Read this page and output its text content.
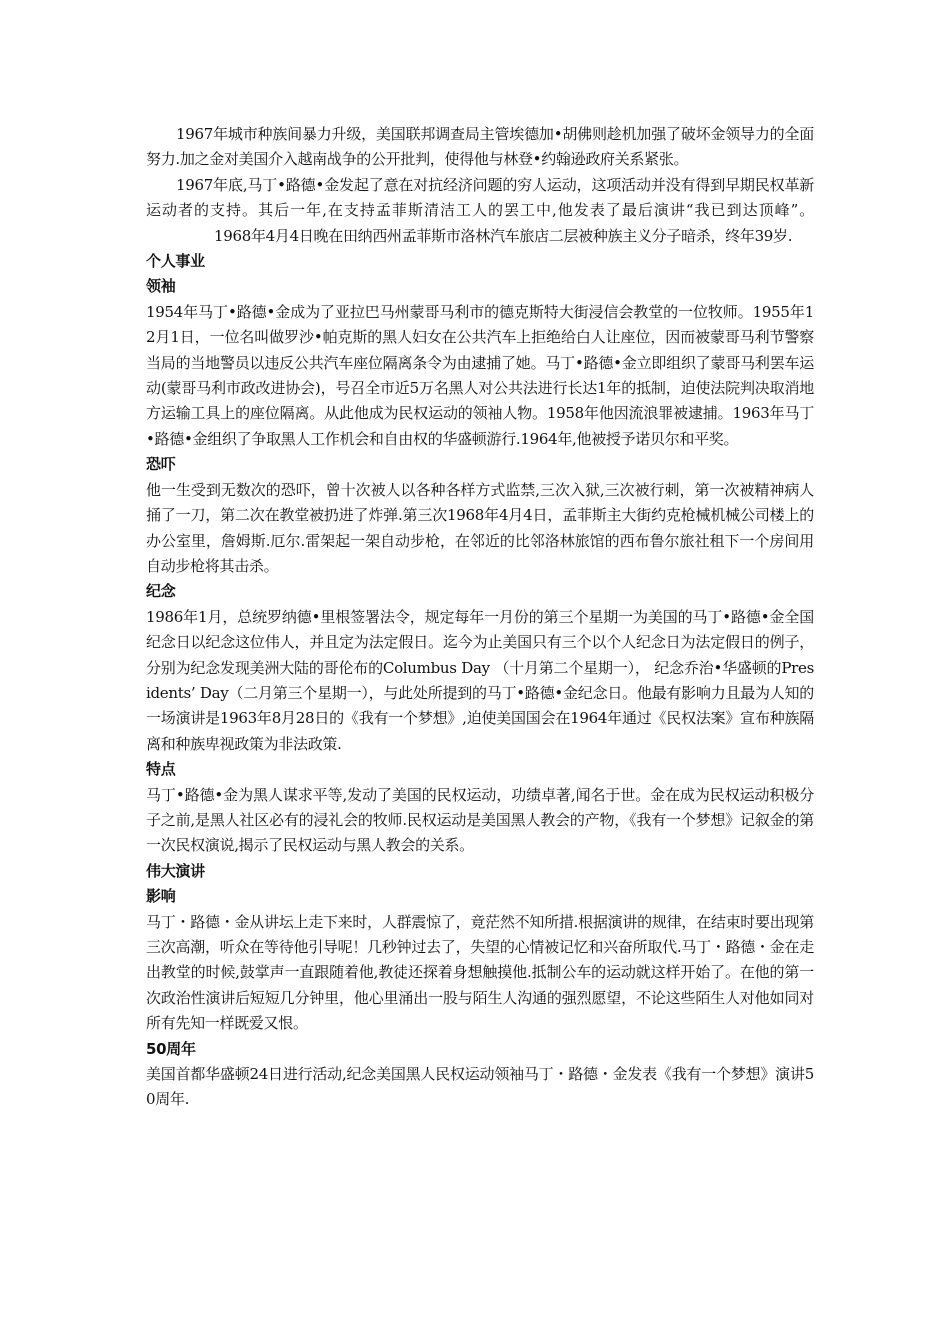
1967年城市种族间暴力升级，美国联邦调查局主管埃德加•胡佛则趁机加强了破坏金领导力的全面努力.加之金对美国介入越南战争的公开批判，使得他与林登•约翰逊政府关系紧张。

1967年底,马丁•路德•金发起了意在对抗经济问题的穷人运动，这项活动并没有得到早期民权革新运动者的支持。其后一年,在支持孟菲斯清洁工人的罢工中,他发表了最后演讲“我已到达顶峰”。1968年4月4日晚在田纳西州孟菲斯市洛林汽车旅店二层被种族主义分子暗杀，终年39岁.

个人事业

领袖

1954年马丁•路德•金成为了亚拉巴马州蒙哥马利市的德克斯特大街浸信会教堂的一位牧师。1955年12月1日，一位名叫做罗沙•帕克斯的黑人妇女在公共汽车上拒绝给白人让座位，因而被蒙哥马利节警察当局的当地警员以违反公共汽车座位隔离条令为由逮捕了她。马丁•路德•金立即组织了蒙哥马利罢车运动(蒙哥马利市政改进协会)，号召全市近5万名黑人对公共法进行长达1年的抵制，迫使法院判决取消地方运输工具上的座位隔离。从此他成为民权运动的领袖人物。1958年他因流浪罪被逮捕。1963年马丁•路德•金组织了争取黑人工作机会和自由权的华盛顿游行.1964年,他被授予诺贝尔和平奖。

恐吓

他一生受到无数次的恐吓，曾十次被人以各种各样方式监禁,三次入狱,三次被行刺，第一次被精神病人捅了一刀，第二次在教堂被扔进了炸弹.第三次1968年4月4日，孟菲斯主大街约克枪械机械公司楼上的办公室里，詹姆斯.厄尔.雷架起一架自动步枪，在邻近的比邻洛林旅馆的西布鲁尔旅社租下一个房间用自动步枪将其击杀。

纪念

1986年1月，总统罗纳德•里根签署法令，规定每年一月份的第三个星期一为美国的马丁•路德•金全国纪念日以纪念这位伟人，并且定为法定假日。迄今为止美国只有三个以个人纪念日为法定假日的例子，分别为纪念发现美洲大陆的哥伦布的Columbus Day （十月第二个星期一）， 纪念乔治•华盛顿的Presidents’ Day（二月第三个星期一），与此处所提到的马丁•路德•金纪念日。他最有影响力且最为人知的一场演讲是1963年8月28日的《我有一个梦想》,迫使美国国会在1964年通过《民权法案》宣布种族隔离和种族卑视政策为非法政策.

特点

马丁•路德•金为黑人谋求平等,发动了美国的民权运动，功绩卓著,闻名于世。金在成为民权运动积极分子之前,是黑人社区必有的浸礼会的牧师.民权运动是美国黑人教会的产物，《我有一个梦想》记叙金的第一次民权演说,揭示了民权运动与黑人教会的关系。

伟大演讲

影响

马丁・路德・金从讲坛上走下来时，人群震惊了，竟茫然不知所措.根据演讲的规律，在结束时要出现第三次高潮，听众在等待他引导呢！几秒钟过去了，失望的心情被记忆和兴奋所取代.马丁・路德・金在走出教堂的时候,鼓掌声一直跟随着他,教徒还探着身想触摸他.抵制公车的运动就这样开始了。在他的第一次政治性演讲后短短几分钟里，他心里涌出一股与陌生人沟通的强烈愿望，不论这些陌生人对他如同对所有先知一样既爱又恨。

50周年

美国首都华盛顿24日进行活动,纪念美国黑人民权运动领袖马丁・路德・金发表《我有一个梦想》演讲50周年.
